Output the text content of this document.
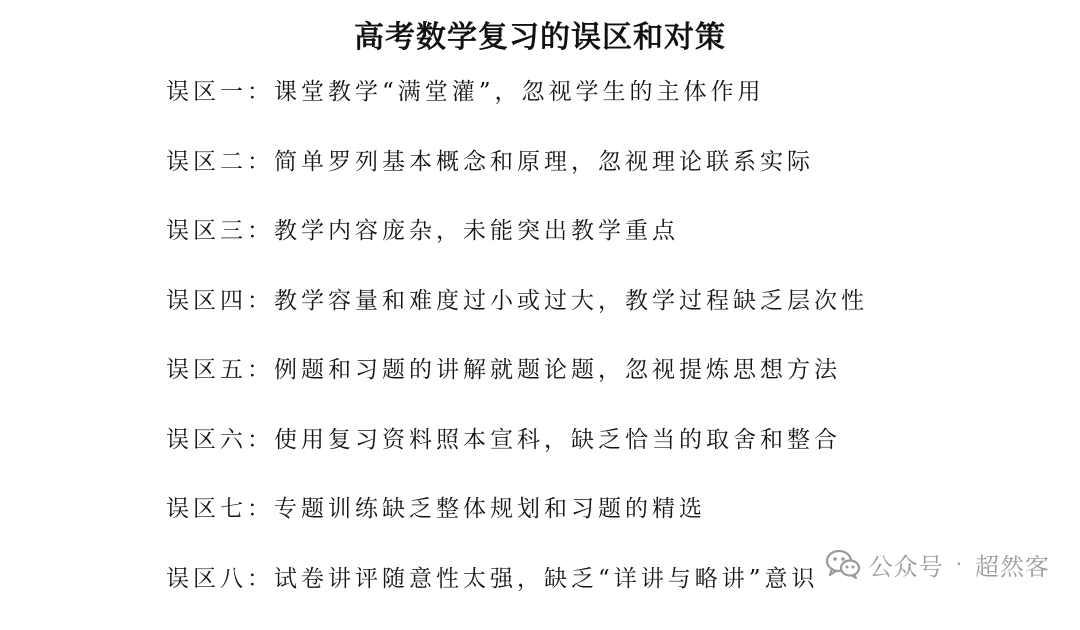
高考数学复习的误区和对策
误区一 ： 课堂教学“满堂灌”，忽视学生的主体作用
误区二 ： 简单罗列基本概念和原理，忽视理论联系实际
误区三 ： 教学内容庞杂，未能突出教学重点
误区四 ： 教学容量和难度过小或过大，教学过程缺乏层次性
误区五 ： 例题和习题的讲解就题论题，忽视提炼思想方法
误区六 ： 使用复习资料照本宣科，缺乏恰当的取舍和整合
误区七 ： 专题训练缺乏整体规划和习题的精选
误区八 ： 试卷讲评随意性太强，缺乏“详讲与略讲”意识 公众号 · 超然客
